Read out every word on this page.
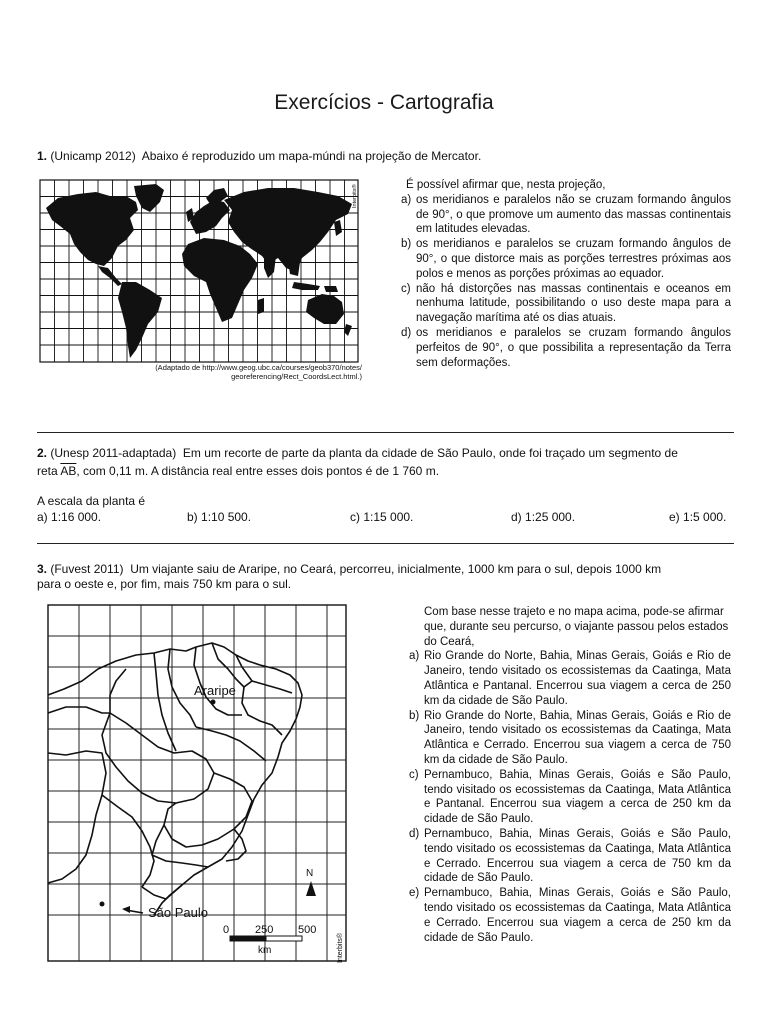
Exercícios - Cartografia
1. (Unicamp 2012) Abaixo é reproduzido um mapa-múndi na projeção de Mercator.
Interbits®
(Adaptado de http://www.geog.ubc.ca/courses/geob370/notes/ georeferencing/Rect_CoordsLect.html.)
É possível afirmar que, nesta projeção,
a) os meridianos e paralelos não se cruzam formando ângulos de 90°, o que promove um aumento das massas continentais em latitudes elevadas.
b) os meridianos e paralelos se cruzam formando ângulos de 90°, o que distorce mais as porções terrestres próximas aos polos e menos as porções próximas ao equador.
c) não há distorções nas massas continentais e oceanos em nenhuma latitude, possibilitando o uso deste mapa para a navegação marítima até os dias atuais.
d) os meridianos e paralelos se cruzam formando ângulos perfeitos de 90°, o que possibilita a representação da Terra sem deformações.
2. (Unesp 2011-adaptada) Em um recorte de parte da planta da cidade de São Paulo, onde foi traçado um segmento de
reta $\overline{AB}$, com 0,11 m. A distância real entre esses dois pontos é de 1 760 m.
A escala da planta é
a) 1:16 000.	b) 1:10 500.	c) 1:15 000.	d) 1:25 000.	e) 1:5 000.
3. (Fuvest 2011) Um viajante saiu de Araripe, no Ceará, percorreu, inicialmente, 1000 km para o sul, depois 1000 km
para o oeste e, por fim, mais 750 km para o sul.
Araripe
São Paulo
N
0 250 500
km	Interbits®
Com base nesse trajeto e no mapa acima, pode-se afirmar que, durante seu percurso, o viajante passou pelos estados do Ceará,
a) Rio Grande do Norte, Bahia, Minas Gerais, Goiás e Rio de Janeiro, tendo visitado os ecossistemas da Caatinga, Mata Atlântica e Pantanal. Encerrou sua viagem a cerca de 250 km da cidade de São Paulo.
b) Rio Grande do Norte, Bahia, Minas Gerais, Goiás e Rio de Janeiro, tendo visitado os ecossistemas da Caatinga, Mata Atlântica e Cerrado. Encerrou sua viagem a cerca de 750 km da cidade de São Paulo.
c) Pernambuco, Bahia, Minas Gerais, Goiás e São Paulo, tendo visitado os ecossistemas da Caatinga, Mata Atlântica e Pantanal. Encerrou sua viagem a cerca de 250 km da cidade de São Paulo.
d) Pernambuco, Bahia, Minas Gerais, Goiás e São Paulo, tendo visitado os ecossistemas da Caatinga, Mata Atlântica e Cerrado. Encerrou sua viagem a cerca de 750 km da cidade de São Paulo.
e) Pernambuco, Bahia, Minas Gerais, Goiás e São Paulo, tendo visitado os ecossistemas da Caatinga, Mata Atlântica e Cerrado. Encerrou sua viagem a cerca de 250 km da cidade de São Paulo.
